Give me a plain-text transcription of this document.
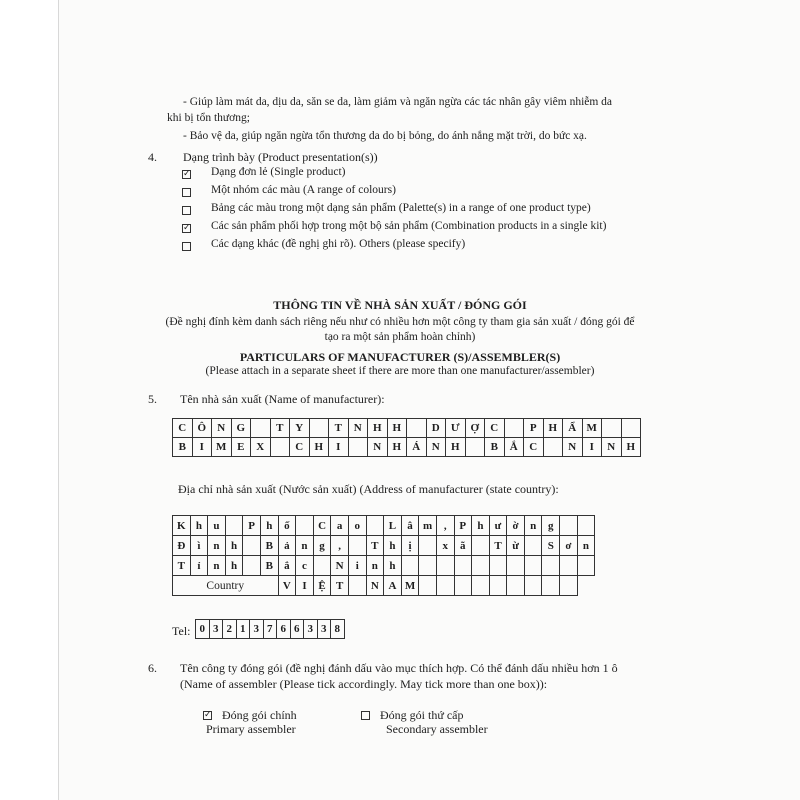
- Giúp làm mát da, dịu da, săn se da, làm giảm và ngăn ngừa các tác nhân gây viêm nhiễm da
khi bị tổn thương;
- Bảo vệ da, giúp ngăn ngừa tổn thương da do bị bỏng, do ánh nắng mặt trời, do bức xạ.
4. Dạng trình bày (Product presentation(s))
✓ Dạng đơn lẻ (Single product)
Một nhóm các màu (A range of colours)
Bảng các màu trong một dạng sản phẩm (Palette(s) in a range of one product type)
✓ Các sản phẩm phối hợp trong một bộ sản phẩm (Combination products in a single kit)
Các dạng khác (đề nghị ghi rõ). Others (please specify)
THÔNG TIN VỀ NHÀ SẢN XUẤT / ĐÓNG GÓI
(Đề nghị đính kèm danh sách riêng nếu như có nhiều hơn một công ty tham gia sản xuất / đóng gói để
tạo ra một sản phẩm hoàn chỉnh)
PARTICULARS OF MANUFACTURER (S)/ASSEMBLER(S)
(Please attach in a separate sheet if there are more than one manufacturer/assembler)
5. Tên nhà sản xuất (Name of manufacturer):
C	Ô	N	G		T	Y		T	N	H	H		D	Ư	Ợ	C		P	H	Ẩ	M		
B	I	M	E	X		C	H	I		N	H	Á	N	H		B	Ắ	C		N	I	N	H
Địa chỉ nhà sản xuất (Nước sản xuất) (Address of manufacturer (state country):
K	h	u		P	h	ố		C	a	o		L	â	m	,	P	h	ư	ờ	n	g		
Đ	ì	n	h		B	ả	n	g	,		T	h	ị		x	ã		T	ừ		S	ơ	n
T	ỉ	n	h		B	ắ	c		N	i	n	h											
Country						V	I	Ệ	T		N	A	M										
Tel: 0	3	2	1	3	7	6	6	3	3	8
6. Tên công ty đóng gói (đề nghị đánh dấu vào mục thích hợp. Có thể đánh dấu nhiều hơn 1 ô
(Name of assembler (Please tick accordingly. May tick more than one box)):
✓ Đóng gói chính
Primary assembler
Đóng gói thứ cấp
Secondary assembler
